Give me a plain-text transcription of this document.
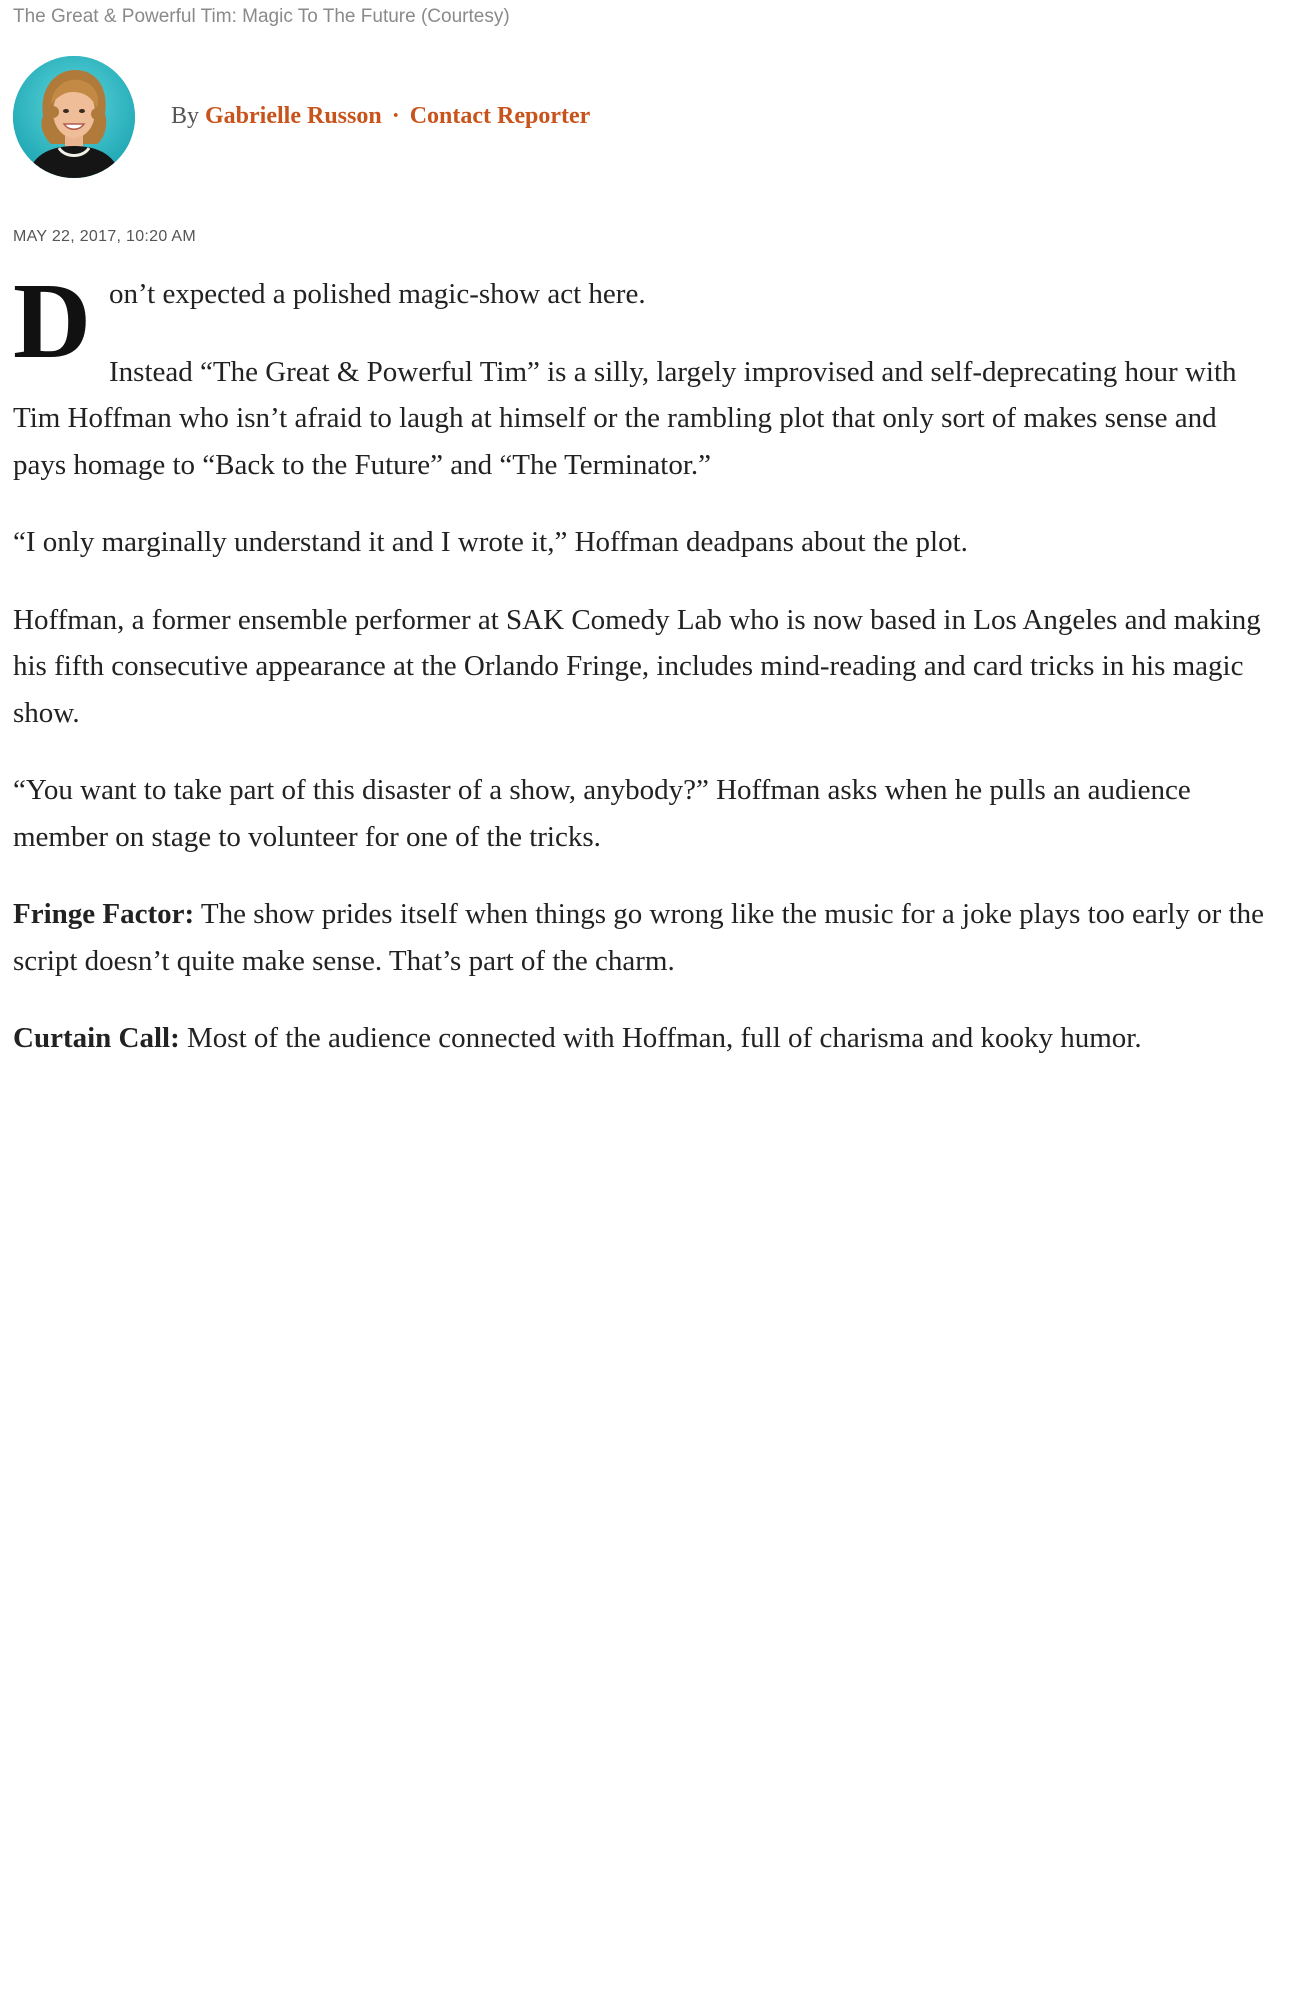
The Great & Powerful Tim: Magic To The Future (Courtesy)
By Gabrielle Russon · Contact Reporter
MAY 22, 2017, 10:20 AM

Don’t expected a polished magic-show act here.

Instead “The Great & Powerful Tim” is a silly, largely improvised and self-deprecating hour with Tim Hoffman who isn’t afraid to laugh at himself or the rambling plot that only sort of makes sense and pays homage to “Back to the Future” and “The Terminator.”

“I only marginally understand it and I wrote it,” Hoffman deadpans about the plot.

Hoffman, a former ensemble performer at SAK Comedy Lab who is now based in Los Angeles and making his fifth consecutive appearance at the Orlando Fringe, includes mind-reading and card tricks in his magic show.

“You want to take part of this disaster of a show, anybody?” Hoffman asks when he pulls an audience member on stage to volunteer for one of the tricks.

Fringe Factor: The show prides itself when things go wrong like the music for a joke plays too early or the script doesn’t quite make sense. That’s part of the charm.

Curtain Call: Most of the audience connected with Hoffman, full of charisma and kooky humor.
